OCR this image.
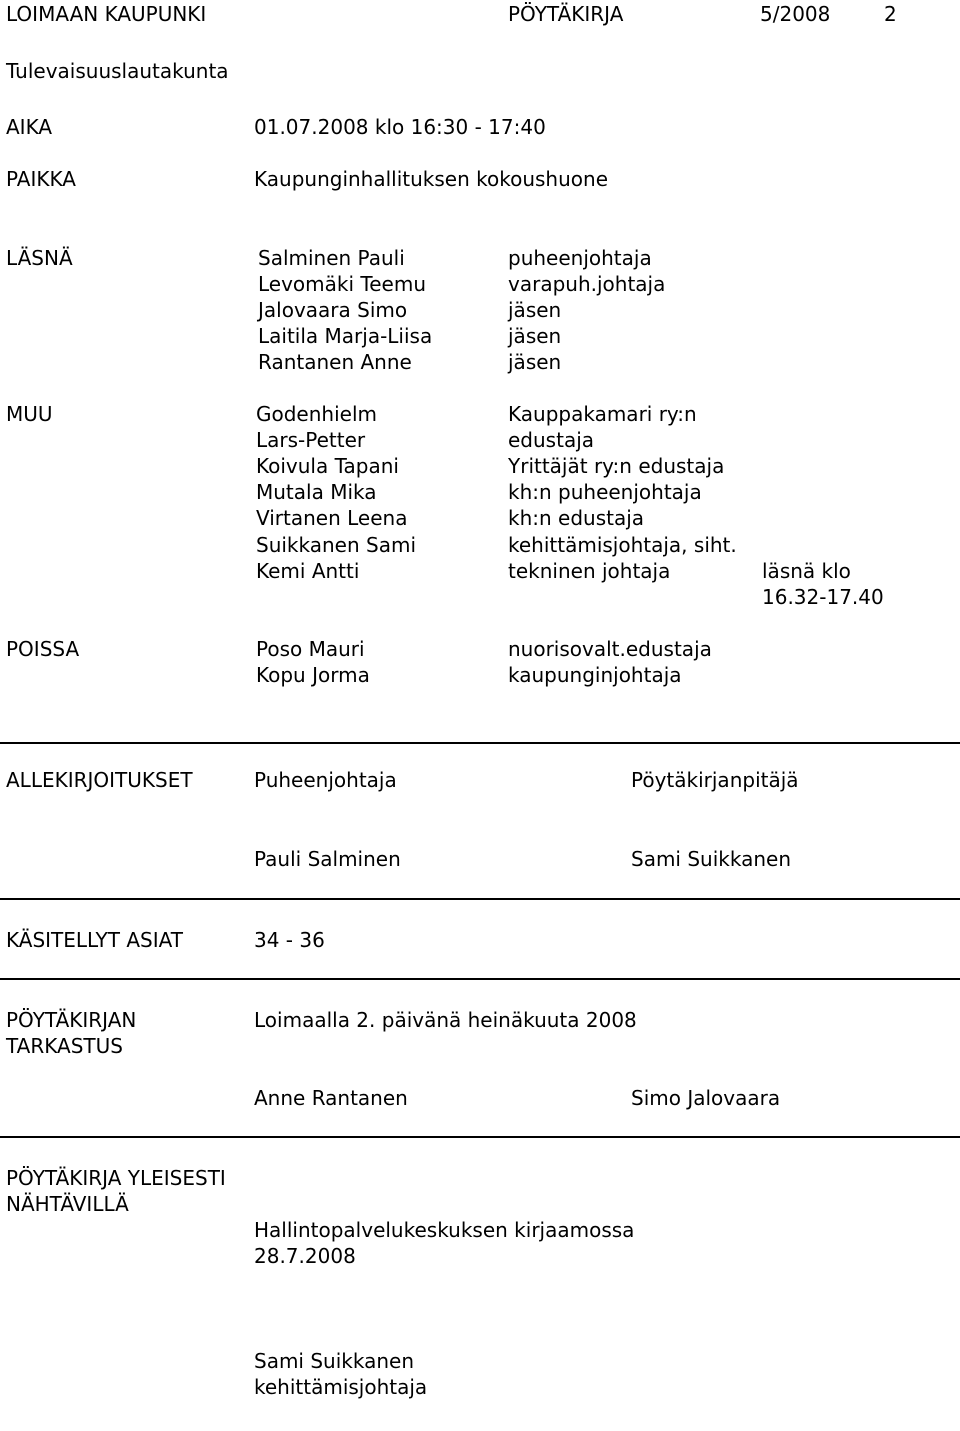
LOIMAAN KAUPUNKI	PÖYTÄKIRJA	5/2008	2
Tulevaisuuslautakunta
AIKA	01.07.2008 klo 16:30 - 17:40
PAIKKA	Kaupunginhallituksen kokoushuone
LÄSNÄ	Salminen Pauli	puheenjohtaja
Levomäki Teemu	varapuh.johtaja
Jalovaara Simo	jäsen
Laitila Marja-Liisa	jäsen
Rantanen Anne	jäsen
MUU	Godenhielm	Kauppakamari ry:n
Lars-Petter	edustaja
Koivula Tapani	Yrittäjät ry:n edustaja
Mutala Mika	kh:n puheenjohtaja
Virtanen Leena	kh:n edustaja
Suikkanen Sami	kehittämisjohtaja, siht.
Kemi Antti	tekninen johtaja	läsnä klo
16.32-17.40
POISSA	Poso Mauri	nuorisovalt.edustaja
Kopu Jorma	kaupunginjohtaja
ALLEKIRJOITUKSET	Puheenjohtaja	Pöytäkirjanpitäjä
Pauli Salminen	Sami Suikkanen
KÄSITELLYT ASIAT	34 - 36
PÖYTÄKIRJAN
TARKASTUS
Loimaalla 2. päivänä heinäkuuta 2008
Anne Rantanen	Simo Jalovaara
PÖYTÄKIRJA YLEISESTI
NÄHTÄVILLÄ
Hallintopalvelukeskuksen kirjaamossa
28.7.2008
Sami Suikkanen
kehittämisjohtaja
